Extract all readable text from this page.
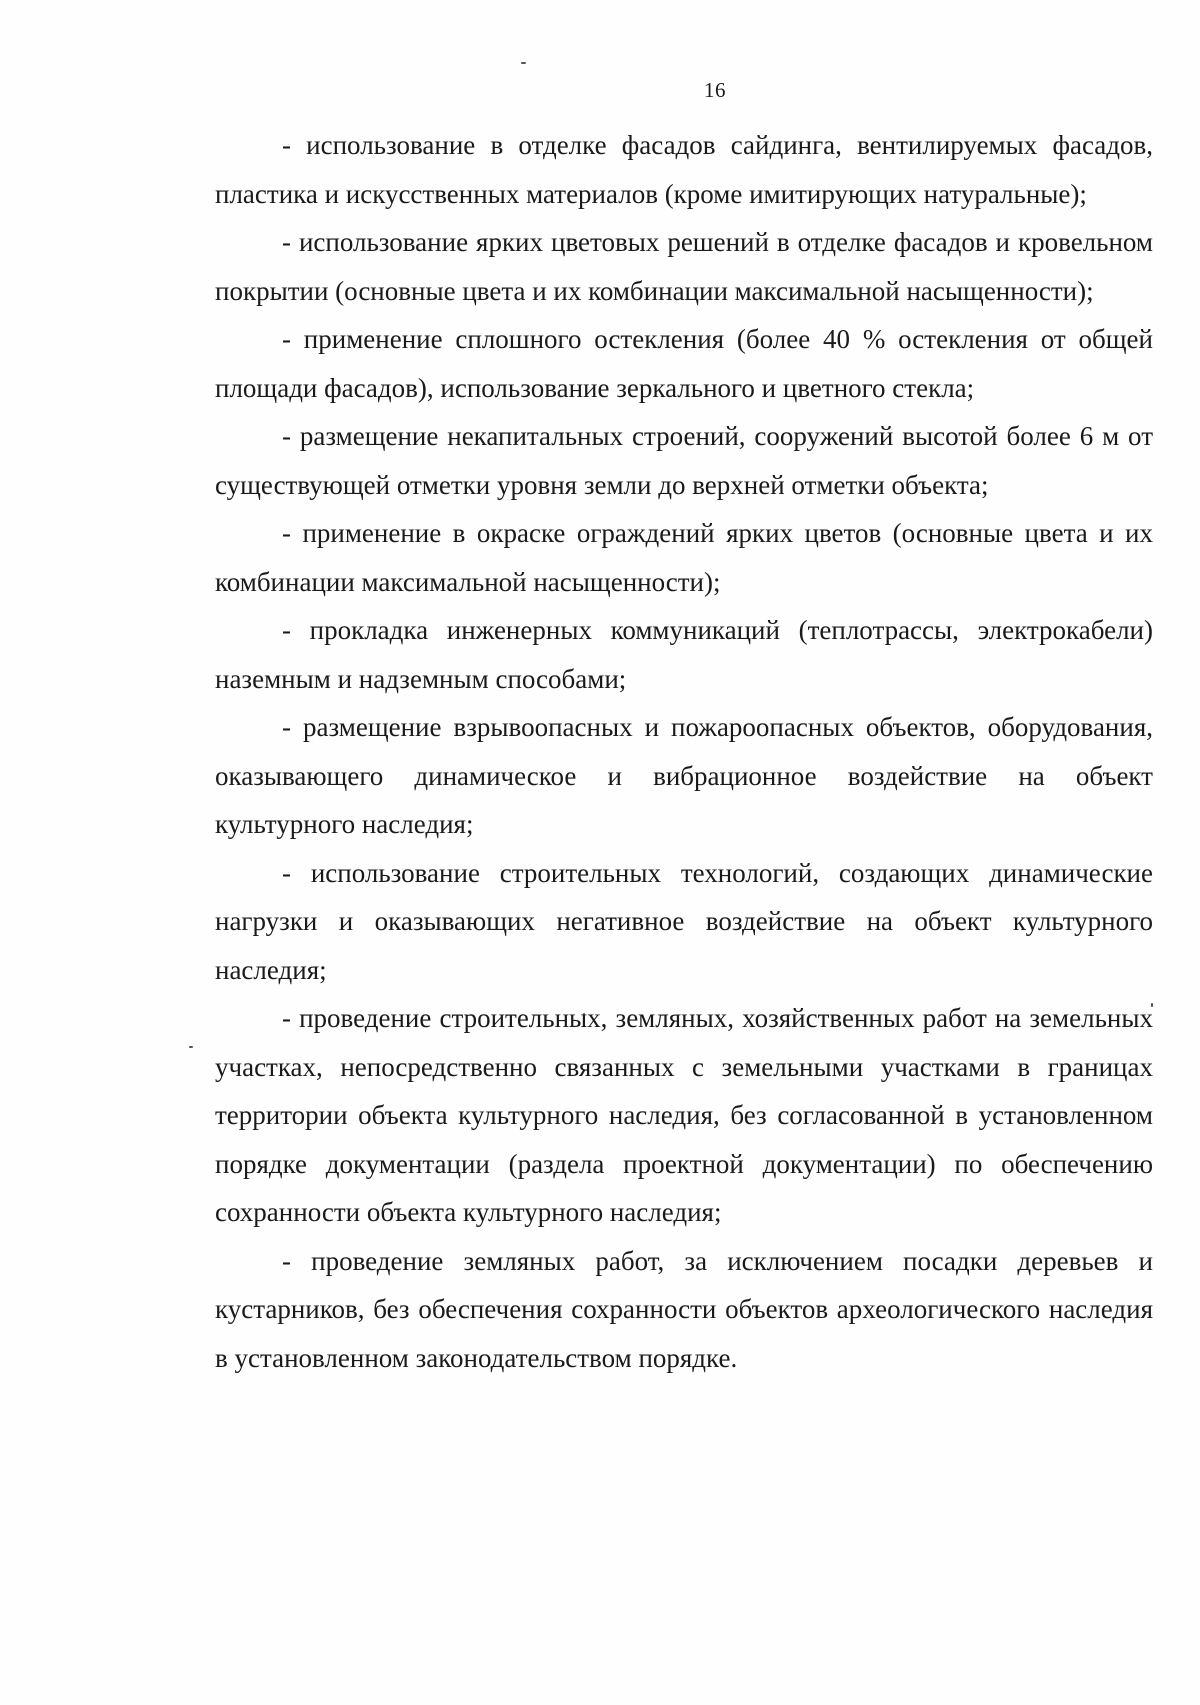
16

- использование в отделке фасадов сайдинга, вентилируемых фасадов, пластика и искусственных материалов (кроме имитирующих натуральные);

- использование ярких цветовых решений в отделке фасадов и кровельном покрытии (основные цвета и их комбинации максимальной насыщенности);

- применение сплошного остекления (более 40 % остекления от общей площади фасадов), использование зеркального и цветного стекла;

- размещение некапитальных строений, сооружений высотой более 6 м от существующей отметки уровня земли до верхней отметки объекта;

- применение в окраске ограждений ярких цветов (основные цвета и их комбинации максимальной насыщенности);

- прокладка инженерных коммуникаций (теплотрассы, электрокабели) наземным и надземным способами;

- размещение взрывоопасных и пожароопасных объектов, оборудования, оказывающего динамическое и вибрационное воздействие на объект культурного наследия;

- использование строительных технологий, создающих динамические нагрузки и оказывающих негативное воздействие на объект культурного наследия;

- проведение строительных, земляных, хозяйственных работ на земельных участках, непосредственно связанных с земельными участками в границах территории объекта культурного наследия, без согласованной в установленном порядке документации (раздела проектной документации) по обеспечению сохранности объекта культурного наследия;

- проведение земляных работ, за исключением посадки деревьев и кустарников, без обеспечения сохранности объектов археологического наследия в установленном законодательством порядке.
